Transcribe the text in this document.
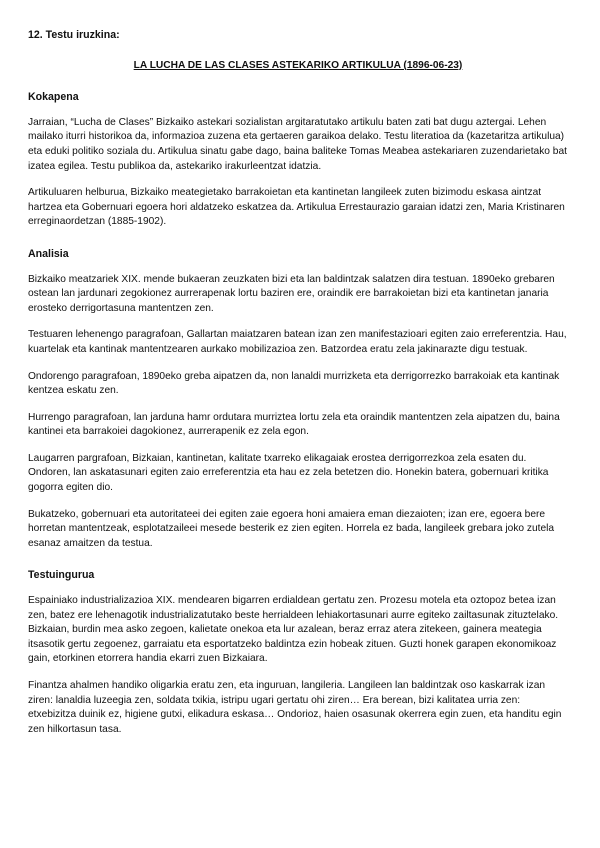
12. Testu iruzkina:
LA LUCHA DE LAS CLASES ASTEKARIKO ARTIKULUA (1896-06-23)
Kokapena

Jarraian, “Lucha de Clases” Bizkaiko astekari sozialistan argitaratutako artikulu baten zati bat dugu aztergai. Lehen mailako iturri historikoa da, informazioa zuzena eta gertaeren garaikoa delako. Testu literatioa da (kazetaritza artikulua) eta eduki politiko soziala du. Artikulua sinatu gabe dago, baina baliteke Tomas Meabea astekariaren zuzendarietako bat izatea egilea. Testu publikoa da, astekariko irakurleentzat idatzia.

Artikuluaren helburua, Bizkaiko meategietako barrakoietan eta kantinetan langileek zuten bizimodu eskasa aintzat hartzea eta Gobernuari egoera hori aldatzeko eskatzea da. Artikulua Errestaurazio garaian idatzi zen, Maria Kristinaren erreginaordetzan (1885-1902).

Analisia

Bizkaiko meatzariek XIX. mende bukaeran zeuzkaten bizi eta lan baldintzak salatzen dira testuan. 1890eko grebaren ostean lan jardunari zegokionez aurrerapenak lortu baziren ere, oraindik ere barrakoietan bizi eta kantinetan janaria erosteko derrigortasuna mantentzen zen.

Testuaren lehenengo paragrafoan, Gallartan maiatzaren batean izan zen manifestazioari egiten zaio erreferentzia. Hau, kuartelak eta kantinak mantentzearen aurkako mobilizazioa zen. Batzordea eratu zela jakinarazte digu testuak.

Ondorengo paragrafoan, 1890eko greba aipatzen da, non lanaldi murrizketa eta derrigorrezko barrakoiak eta kantinak kentzea eskatu zen.

Hurrengo paragrafoan, lan jarduna hamr ordutara murriztea lortu zela eta oraindik mantentzen zela aipatzen du, baina kantinei eta barrakoiei dagokionez, aurrerapenik ez zela egon.

Laugarren pargrafoan, Bizkaian, kantinetan, kalitate txarreko elikagaiak erostea derrigorrezkoa zela esaten du. Ondoren, lan askatasunari egiten zaio erreferentzia eta hau ez zela betetzen dio. Honekin batera, gobernuari kritika gogorra egiten dio.

Bukatzeko, gobernuari eta autoritateei dei egiten zaie egoera honi amaiera eman diezaioten; izan ere, egoera bere horretan mantentzeak, esplotatzaileei mesede besterik ez zien egiten. Horrela ez bada, langileek grebara joko zutela esanaz amaitzen da testua.

Testuingurua

Espainiako industrializazioa XIX. mendearen bigarren erdialdean gertatu zen. Prozesu motela eta oztopoz betea izan zen, batez ere lehenagotik industrializatutako beste herrialdeen lehiakortasunari aurre egiteko zailtasunak zituztelako. Bizkaian, burdin mea asko zegoen, kalietate onekoa eta lur azalean, beraz erraz atera zitekeen, gainera meategia itsasotik gertu zegoenez, garraiatu eta esportatzeko baldintza ezin hobeak zituen. Guzti honek garapen ekonomikoaz gain, etorkinen etorrera handia ekarri zuen Bizkaiara.

Finantza ahalmen handiko oligarkia eratu zen, eta inguruan, langileria. Langileen lan baldintzak oso kaskarrak izan ziren: lanaldia luzeegia zen, soldata txikia, istripu ugari gertatu ohi ziren… Era berean, bizi kalitatea urria zen: etxebizitza duinik ez, higiene gutxi, elikadura eskasa… Ondorioz, haien osasunak okerrera egin zuen, eta handitu egin zen hilkortasun tasa.
